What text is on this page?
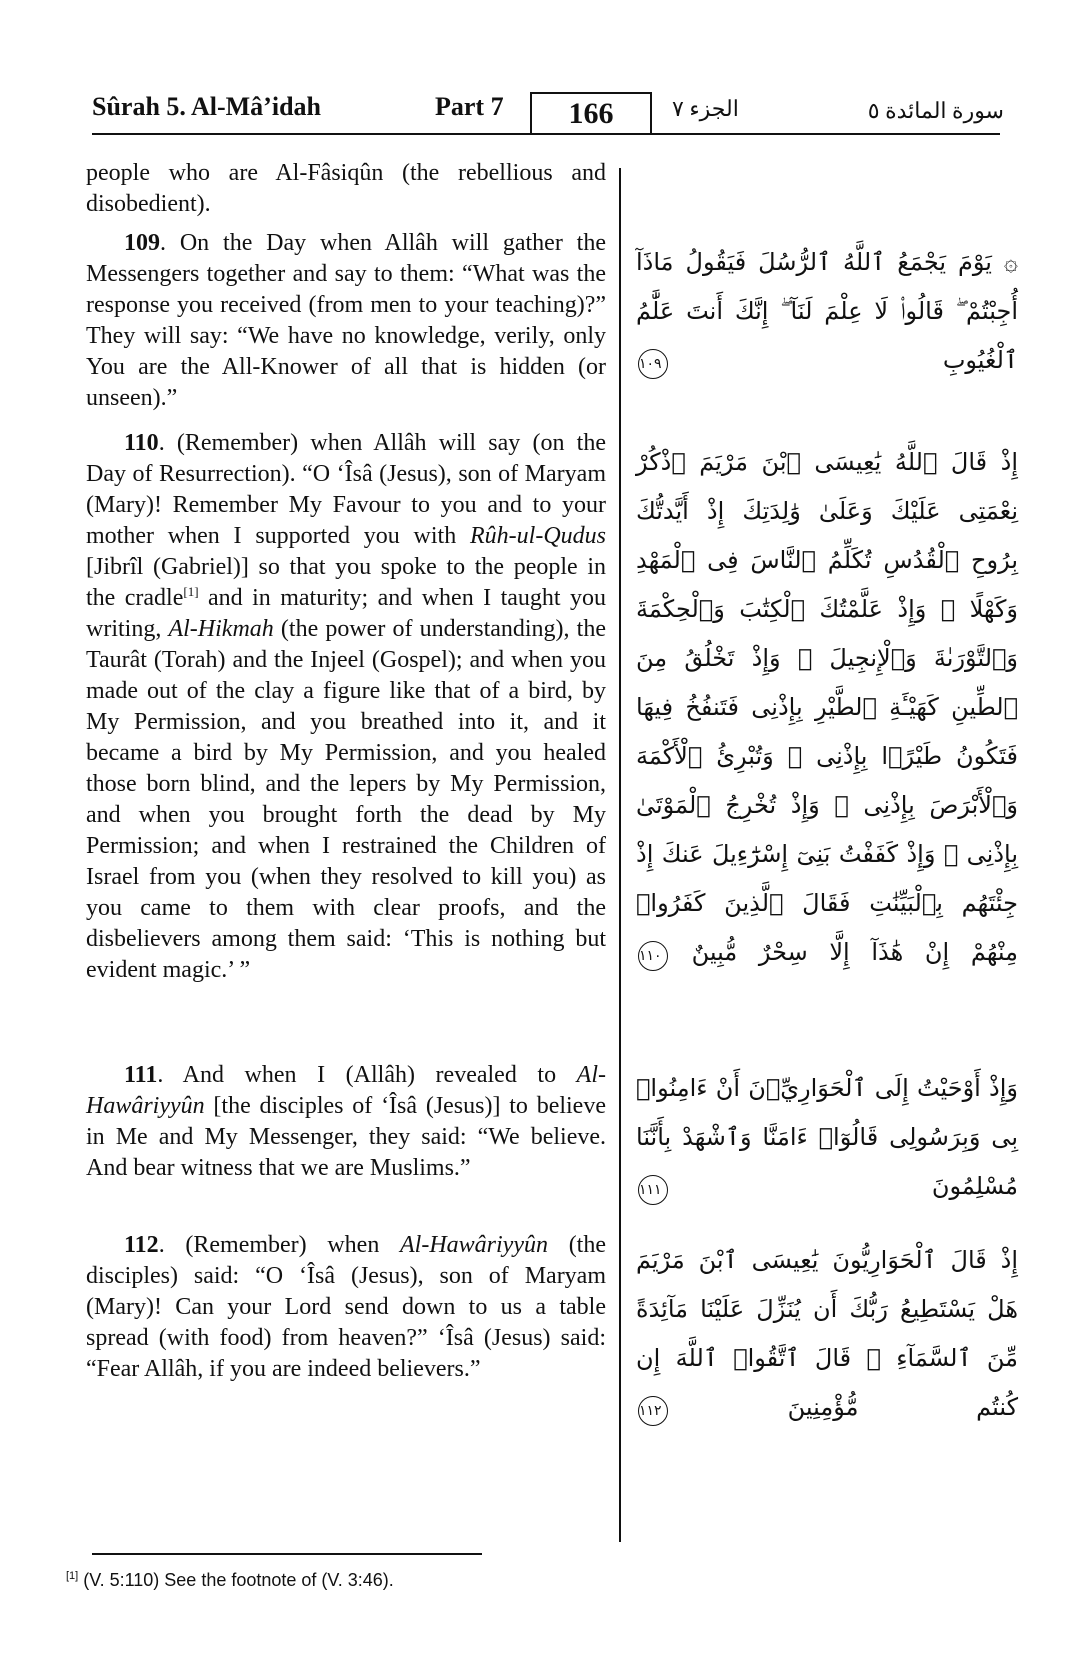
Sûrah 5. Al-Mâ’idah	Part 7	166	الجزء ٧	سورة المائدة ٥

people who are Al-Fâsiqûn (the rebellious and disobedient).

109. On the Day when Allâh will gather the Messengers together and say to them: “What was the response you received (from men to your teaching)?” They will say: “We have no knowledge, verily, only You are the All-Knower of all that is hidden (or unseen).”

110. (Remember) when Allâh will say (on the Day of Resurrection). “O ‘Îsâ (Jesus), son of Maryam (Mary)! Remember My Favour to you and to your mother when I supported you with Rûh-ul-Qudus [Jibrîl (Gabriel)] so that you spoke to the people in the cradle[1] and in maturity; and when I taught you writing, Al-Hikmah (the power of understanding), the Taurât (Torah) and the Injeel (Gospel); and when you made out of the clay a figure like that of a bird, by My Permission, and you breathed into it, and it became a bird by My Permission, and you healed those born blind, and the lepers by My Permission, and when you brought forth the dead by My Permission; and when I restrained the Children of Israel from you (when they resolved to kill you) as you came to them with clear proofs, and the disbelievers among them said: ‘This is nothing but evident magic.’ ”

111. And when I (Allâh) revealed to Al-Hawâriyyûn [the disciples of ‘Îsâ (Jesus)] to believe in Me and My Messenger, they said: “We believe. And bear witness that we are Muslims.”

112. (Remember) when Al-Hawâriyyûn (the disciples) said: “O ‘Îsâ (Jesus), son of Maryam (Mary)! Can your Lord send down to us a table spread (with food) from heaven?” ‘Îsâ (Jesus) said: “Fear Allâh, if you are indeed believers.”

۞ يَوْمَ يَجْمَعُ ٱللَّهُ ٱلرُّسُلَ فَيَقُولُ مَاذَآ أُجِبْتُمْ ۖ قَالُوا۟ لَا عِلْمَ لَنَآ ۖ إِنَّكَ أَنتَ عَلَّٰمُ ٱلْغُيُوبِ ١٠٩

إِذْ قَالَ ٱللَّهُ يَٰعِيسَى ٱبْنَ مَرْيَمَ ٱذْكُرْ نِعْمَتِى عَلَيْكَ وَعَلَىٰ وَٰلِدَتِكَ إِذْ أَيَّدتُّكَ بِرُوحِ ٱلْقُدُسِ تُكَلِّمُ ٱلنَّاسَ فِى ٱلْمَهْدِ وَكَهْلًا ۖ وَإِذْ عَلَّمْتُكَ ٱلْكِتَٰبَ وَٱلْحِكْمَةَ وَٱلتَّوْرَىٰةَ وَٱلْإِنجِيلَ ۖ وَإِذْ تَخْلُقُ مِنَ ٱلطِّينِ كَهَيْـَٔةِ ٱلطَّيْرِ بِإِذْنِى فَتَنفُخُ فِيهَا فَتَكُونُ طَيْرًۢا بِإِذْنِى ۖ وَتُبْرِئُ ٱلْأَكْمَهَ وَٱلْأَبْرَصَ بِإِذْنِى ۖ وَإِذْ تُخْرِجُ ٱلْمَوْتَىٰ بِإِذْنِى ۖ وَإِذْ كَفَفْتُ بَنِىٓ إِسْرَٰٓءِيلَ عَنكَ إِذْ جِئْتَهُم بِٱلْبَيِّنَٰتِ فَقَالَ ٱلَّذِينَ كَفَرُوا۟ مِنْهُمْ إِنْ هَٰذَآ إِلَّا سِحْرٌ مُّبِينٌ ١١٠

وَإِذْ أَوْحَيْتُ إِلَى ٱلْحَوَارِيِّۦنَ أَنْ ءَامِنُوا۟ بِى وَبِرَسُولِى قَالُوٓا۟ ءَامَنَّا وَٱشْهَدْ بِأَنَّنَا مُسْلِمُونَ ١١١

إِذْ قَالَ ٱلْحَوَارِيُّونَ يَٰعِيسَى ٱبْنَ مَرْيَمَ هَلْ يَسْتَطِيعُ رَبُّكَ أَن يُنَزِّلَ عَلَيْنَا مَآئِدَةً مِّنَ ٱلسَّمَآءِ ۖ قَالَ ٱتَّقُوا۟ ٱللَّهَ إِن كُنتُم مُّؤْمِنِينَ ١١٢

[1] (V. 5:110) See the footnote of (V. 3:46).
